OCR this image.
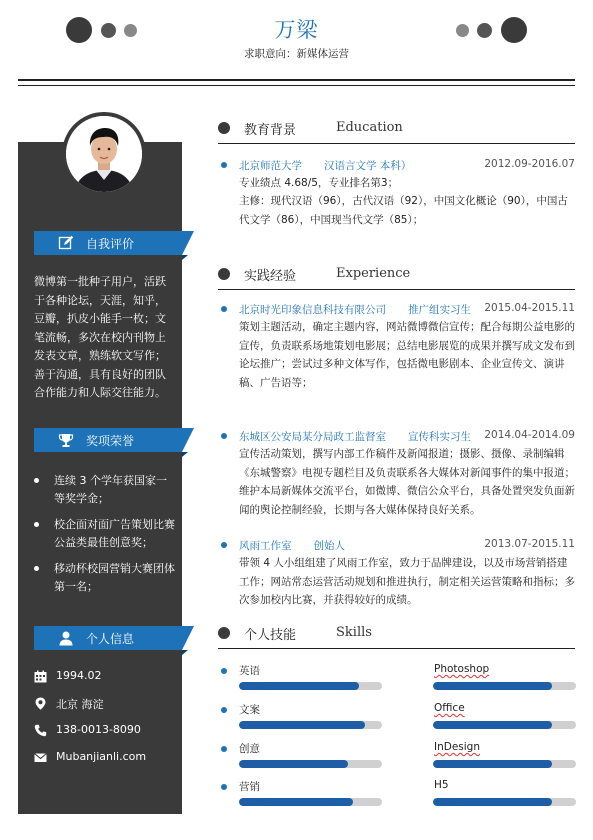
万梁
求职意向：新媒体运营
自我评价
微博第一批种子用户，活跃于各种论坛，天涯，知乎，豆瓣，扒皮小能手一枚；文笔流畅，多次在校内刊物上发表文章，熟练软文写作；善于沟通，具有良好的团队合作能力和人际交往能力。
奖项荣誉
连续 3 个学年获国家一等奖学金；
校企面对面广告策划比赛公益类最佳创意奖；
移动杯校园营销大赛团体第一名；
个人信息
1994.02
北京 海淀
138-0013-8090
Mubanjianli.com
教育背景	Education
北京师范大学 汉语言文学 本科）	2012.09-2016.07
专业绩点 4.68/5，专业排名第3；
主修：现代汉语（96），古代汉语（92），中国文化概论（90），中国古代文学（86），中国现当代文学（85）；
实践经验	Experience
北京时光印象信息科技有限公司 推广组实习生 2015.04-2015.11
策划主题活动，确定主题内容，网站微博微信宣传；配合每期公益电影的宣传，负责联系场地策划电影展；总结电影展览的成果并撰写成文发布到论坛推广；尝试过多种文体写作，包括微电影剧本、企业宣传文、演讲稿、广告语等；
东城区公安局某分局政工监督室 宣传科实习生 2014.04-2014.09
宣传活动策划，撰写内部工作稿件及新闻报道；摄影、摄像、录制编辑《东城警察》电视专题栏目及负责联系各大媒体对新闻事件的集中报道；维护本局新媒体交流平台，如微博、微信公众平台，具备处置突发负面新闻的舆论控制经验，长期与各大媒体保持良好关系。
风雨工作室 创始人	2013.07-2015.11
带领 4 人小组组建了风雨工作室，致力于品牌建设，以及市场营销搭建工作；网站常态运营活动规划和推进执行，制定相关运营策略和指标；多次参加校内比赛，并获得较好的成绩。
个人技能	Skills
英语	Photoshop
文案	Office
创意	InDesign
营销	H5
